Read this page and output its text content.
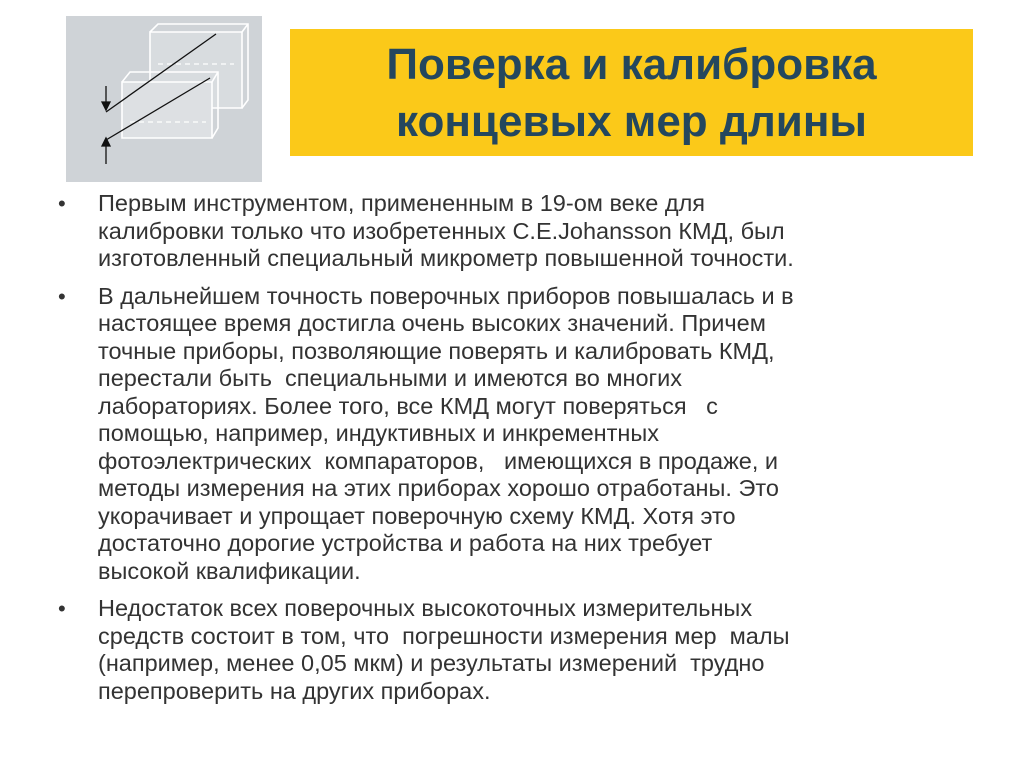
Поверка и калибровка
концевых мер длины
• Первым инструментом, примененным в 19-ом веке для
калибровки только что изобретенных C.E.Johansson КМД, был
изготовленный специальный микрометр повышенной точности.
• В дальнейшем точность поверочных приборов повышалась и в
настоящее время достигла очень высоких значений. Причем
точные приборы, позволяющие поверять и калибровать КМД,
перестали быть  специальными и имеются во многих
лабораториях. Более того, все КМД могут поверяться   с
помощью, например, индуктивных и инкрементных
фотоэлектрических  компараторов,   имеющихся в продаже, и
методы измерения на этих приборах хорошо отработаны. Это
укорачивает и упрощает поверочную схему КМД. Хотя это
достаточно дорогие устройства и работа на них требует
высокой квалификации.
• Недостаток всех поверочных высокоточных измерительных
средств состоит в том, что  погрешности измерения мер  малы
(например, менее 0,05 мкм) и результаты измерений  трудно
перепроверить на других приборах.
